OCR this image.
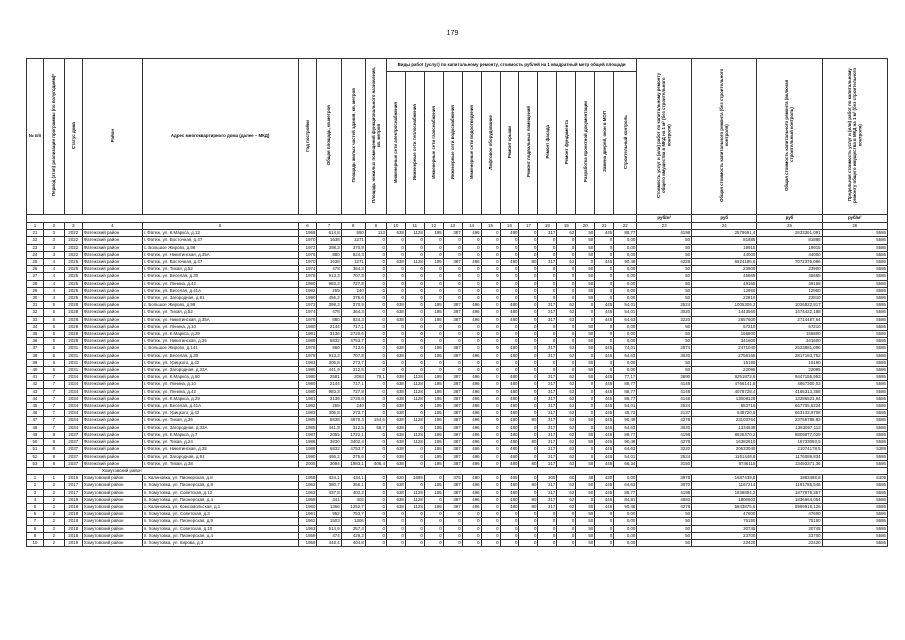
179
№ п/п	Период (этап) реализации программы (по полугодиям)*	Статус дома	Район	Адрес многоквартирного дома (далее – МКД)	Год постройки	Общая площадь, кв.метров	Площадь жилых частей здания, кв. метров	Площадь нежилых помещений функционального назначения, кв. метров	Виды работ (услуг) по капитальному ремонту, стоимость рублей на 1 квадратный метр общей площади													Стоимость услуг и (или) работ по капитальному ремонту общего имущества в МКД на 1 м² (без строительного контроля)	Общая стоимость капитального ремонта (без строительного контроля)	Общая стоимость капитального ремонта (включая строительный контроль)	Предельная стоимость услуг и (или) работ по капитальному ремонту общего имущества в МКД на 1 м² (без строительного контроля)
									Инженерные сети электроснабжения	Инженерные сети теплоснабжения	Инженерные сети газоснабжения	Инженерные сети водоснабжения	Инженерные сети водоотведения	Лифтовое оборудование	Ремонт крыши	Ремонт подвальных помещений	Ремонт фасада	Ремонт фундамента	Разработка проектной документации	Замена дверей, окон в МОП	Строительный контроль				
																						руб/м²	руб	руб	руб/м²
1	2	3	4	5	6	7	8	9	10	11	12	13	14	15	16	17	18	19	20	21	22	23	24	25	26
21	3	2022	Фатежский район	г. Фатеж, ул. К.Маркса, д.13	1968	614,8	550	113	638	1128	195	387	496	0	480	0	317	62	50	445	88,77	4198	2578691,4	2633361,091	5586
22	3	2022	Фатежский район	г. Фатеж, ул. Восточная, д.47	1970	1638	1271	0	0	0	0	0	0	0	0	0	0	0	50	0	0,00	50	81885	81885	5586
23	3	2022	Фатежский район	с. Большое Жирово, д.98	1972	398,3	370,9	0	0	0	0	0	0	0	0	0	0	0	50	0	0,00	50	19915	19915	5586
24	3	2022	Фатежский район	г. Фатеж, ул. Никитинская, д.35А	1975	880	824,3	0	0	0	0	0	0	0	0	0	0	0	50	0	0,00	50	44000	44000	5586
25	4	2025	Фатежский район	г. Фатеж, ул. Восточная, д.47	1970	1638	1271	0	638	1128	195	387	496	0	480	80	317	62	0	445	90,48	4228	6924185,6	7072375,086	5586
26	4	2025	Фатежский район	г. Фатеж, ул. Тихая, д.52	1974	478	364,3	0	0	0	0	0	0	0	0	0	0	0	50	0	0,00	50	23900	23900	5586
27	4	2025	Фатежский район	г. Фатеж, ул. Веселая, д.30	1978	913,3	707,8	0	0	0	0	0	0	0	0	0	0	0	50	0	0,00	50	45665	45665	5586
28	4	2025	Фатежский район	г. Фатеж, ул. Ленина, д.42	1980	983,3	727,8	0	0	0	0	0	0	0	0	0	0	0	50	0	0,00	50	49165	49165	5586
29	4	2025	Фатежский район	г. Фатеж, ул. Веселая, д.41А	1982	259	240	0	0	0	0	0	0	0	0	0	0	0	50	0	0,00	50	12950	12950	5586
30	4	2025	Фатежский район	г. Фатеж, ул. Загородная, д.91	1990	456,2	375,6	0	0	0	0	0	0	0	0	0	0	0	50	0	0,00	50	22810	22810	5586
31	5	2028	Фатежский район	с. Большое Жирово, д.98	1972	398,3	370,9	0	638	0	195	387	496	0	480	0	317	62	0	445	54,01	2524	1005309,2	1026822,817	5586
32	5	2028	Фатежский район	г. Фатеж, ул. Тихая, д.52	1974	478	364,3	0	638	0	195	387	496	0	480	0	317	62	0	445	54,01	3020	1443560	1474422,188	5586
33	5	2028	Фатежский район	г. Фатеж, ул. Никитинская, д.35А	1975	880	824,3	0	638	0	195	387	496	0	480	0	317	62	0	445	64,63	3220	2657600	2714487,64	5586
34	5	2028	Фатежский район	г. Фатеж, ул. Ленина, д.10	1980	2144	717,1	0	0	0	0	0	0	0	0	0	0	0	50	0	0,00	50	57210	57210	5586
35	5	2028	Фатежский район	г. Фатеж, ул. К.Маркса, д.29	1981	3136	2720,6	0	0	0	0	0	0	0	0	0	0	0	50	0	0,00	50	156800	156800	5586
36	5	2028	Фатежский район	г. Фатеж, ул. Никитинская, д.35	1989	6832	4753,7	0	0	0	0	0	0	0	0	0	0	0	50	0	0,00	50	341600	341600	5586
37	6	2031	Фатежский район	с. Большое Жирово, д.141	1978	960	713,6	0	638	0	195	387	0	0	480	0	317	62	50	445	74,01	2574	2471040	2523881,096	5586
38	6	2031	Фатежский район	г. Фатеж, ул. Веселая, д.30	1978	913,3	707,8	0	638	0	195	387	496	0	480	0	317	62	0	445	64,63	3020	2758166	2817183,752	5586
39	6	2031	Фатежский район	г. Фатеж, ул. Урицкого, д.42	1983	305,8	273,7	0	0	0	0	0	0	0	0	0	0	0	50	0	0,00	50	15190	15190	5586
40	6	2031	Фатежский район	г. Фатеж, ул. Загородная, д.33А	1985	441,9	312,5	0	0	0	0	0	0	0	0	0	0	0	50	0	0,00	50	22095	22095	5586
41	7	2034	Фатежский район	г. Фатеж, ул. К.Маркса, д.60	1980	2581	2063	75,1	638	1128	195	387	496	0	480	0	317	62	50	445	77,17	3690	9251873,6	9447155,953	5586
42	7	2034	Фатежский район	г. Фатеж, ул. Ленина, д.10	1980	2144	717,1	0	638	1128	195	387	496	0	480	0	317	62	0	445	88,77	4148	4766141,6	4867300,03	5586
43	7	2034	Фатежский район	г. Фатеж, ул. Ленина, д.42	1980	983,3	727,8	0	638	1128	195	387	496	0	480	0	317	62	0	445	88,77	4148	4078728,4	4165313,368	5586
44	7	2034	Фатежский район	г. Фатеж, ул. К.Маркса, д.29	1981	3136	2720,6	0	638	1128	195	387	496	0	480	0	317	62	0	445	88,77	4148	13008128	13286521,94	5586
45	7	2034	Фатежский район	г. Фатеж, ул. Веселая, д.41А	1982	259	240	0	638	0	195	387	496	0	480	0	317	62	0	445	54,01	2524	653716	667705,5224	5586
46	7	2034	Фатежский район	г. Фатеж, ул. Урицкого, д.42	1983	305,8	273,7	0	638	0	195	387	496	0	480	0	317	62	0	445	45,73	2137	649720,6	663133,9708	5586
47	7	2034	Фатежский район	г. Фатеж, ул. Тихая, д.36	1985	5838	4870,4	154,6	638	1128	195	387	496	0	480	80	317	62	50	445	90,48	4278	23103764	23755788,82	5586
48	7	2034	Фатежский район	г. Фатеж, ул. Загородная, д.33А	1985	441,9	312,5	59,7	638	0	195	387	496	0	480	0	317	62	0	445	64,63	3020	1334538	1363057,113	5586
49	8	2037	Фатежский район	г. Фатеж, ул. К.Маркса, д.7	1987	2055	1722,1	0	638	1128	195	387	496	0	480	0	317	62	50	445	88,77	4198	8626470,2	8809877,029	5586
50	8	2037	Фатежский район	г. Фатеж, ул. Тихая, д.24	1988	3830	3402,4	0	638	1128	195	387	496	0	480	80	317	62	50	445	90,48	4278	16382610	16733093,5	5586
51	8	2037	Фатежский район	г. Фатеж, ул. Никитинская, д.35	1989	6832	4753,7	0	638	0	195	387	496	0	480	0	317	62	0	445	64,63	3220	20633040	21074178,5	5389
52	8	2037	Фатежский район	г. Фатеж, ул. Загородная, д.91	1990	456,2	375,6	0	638	0	195	387	496	0	480	0	317	62	0	445	54,01	2524	1151448,8	1176089,834	5586
53	8	2037	Фатежский район	г. Фатеж, ул. Тихая, д.38	2005	3094	1983,1	406,4	638	0	195	387	496	0	480	80	317	62	50	445	66,34	3150	9746115	13493371,36	5586
Хомутовский район																									
1	1	2015	Хомутовский район	с. Калиновка, ул. Пионерская, д.8	1958	424,1	434,1	0	620	1695	0	375	480	0	465	0	305	60	48	430	0,00	3978	1687439,8	1883488,8	5409
2	2	2017	Хомутовский район	п. Хомутовка, ул. Пионерская, д.8	1962	380,7	356,1	0	638	0	195	387	496	0	480	80	317	62	50	445	64,63	3070	1167214	1191785,546	5586
3	2	2017	Хомутовский район	п. Хомутовка, ул. Советская, д.12	1963	437,8	402,2	0	638	1128	195	387	496	0	480	0	317	62	50	445	88,77	4198	1838894,2	1877875,357	5586
4	2	2018	Хомутовский район	п. Хомутовка, ул. Пионерская, д.4	1959	441	402	0	638	1128	0	387	496	0	480	80	317	62	0	445	84,81	4083	1800603	1836664,054	5586
5	2	2018	Хомутовский район	с. Калиновка, ул. Комсомольская, д.1	1960	1366	1252,7	0	638	1128	195	387	496	0	480	80	317	62	50	445	90,48	4278	5843875,6	5969916,126	5586
6	2	2018	Хомутовский район	п. Хомутовка, ул. Советская, д.3	1961	952	753,7	0	0	0	0	0	0	0	0	0	0	0	50	0	0,00	50	47600	47600	5586
7	2	2018	Хомутовский район	п. Хомутовка, ул. Пионерская, д.9	1962	1503	1306	0	0	0	0	0	0	0	0	0	0	0	50	0	0,00	50	75150	75150	5586
8	2	2018	Хомутовский район	п. Хомутовка, ул. Советская, д.10	1963	614,9	357,4	0	0	0	0	0	0	0	0	0	0	0	50	0	0,00	50	30745	30745	5586
9	2	2018	Хомутовский район	п. Хомутовка, ул. Пионерская, д.4	1959	474	429,2	0	0	0	0	0	0	0	0	0	0	0	50	0	0,00	50	23700	23700	5586
10	2	2019	Хомутовский район	п. Хомутовка, ул. Кирова, д.3	1959	448,4	404,8	0	0	0	0	0	0	0	0	0	0	0	50	0	0,00	50	22420	22420	5586
